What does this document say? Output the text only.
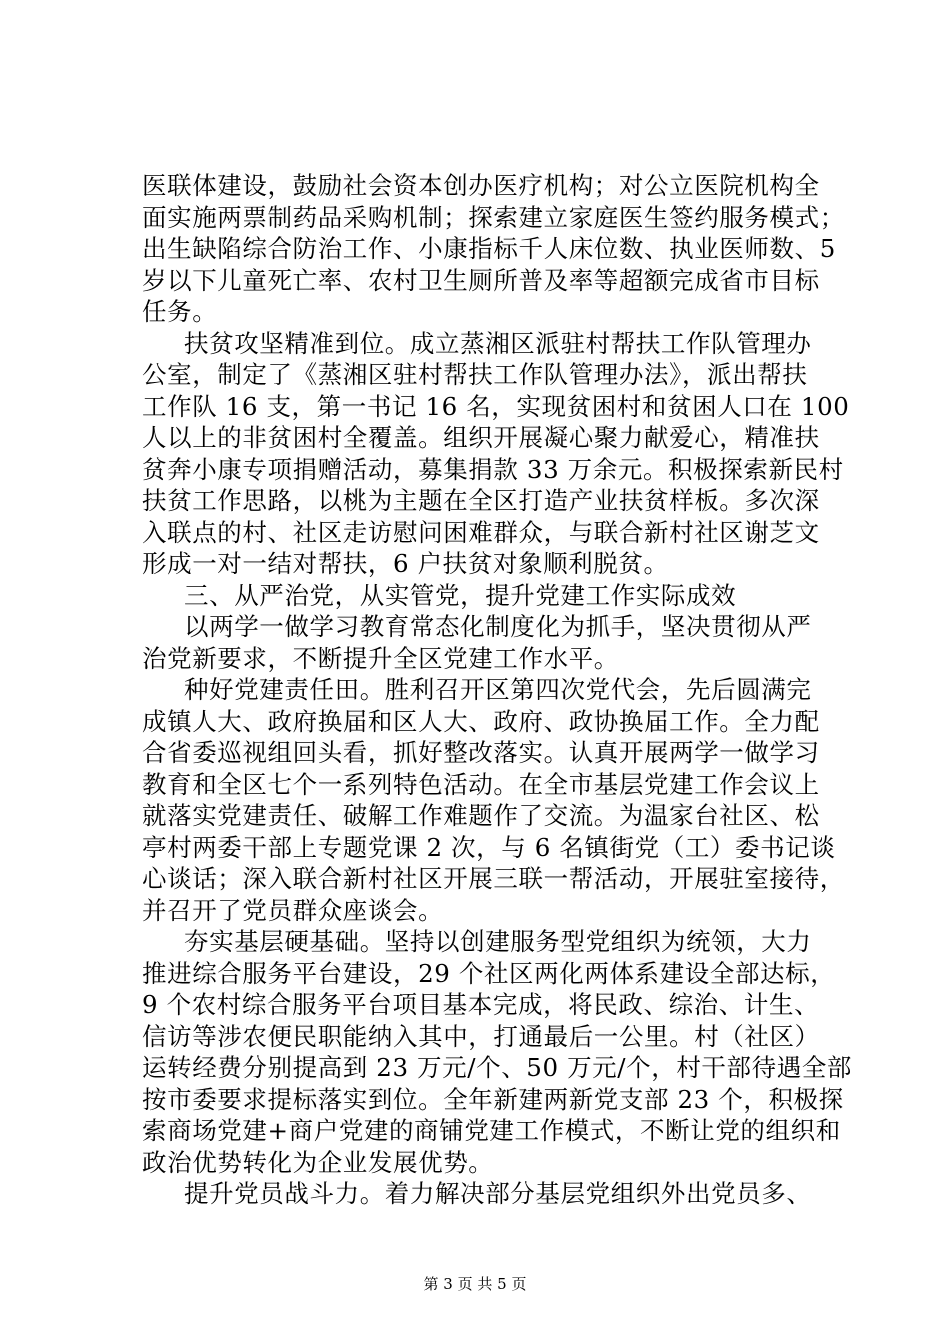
医联体建设，鼓励社会资本创办医疗机构；对公立医院机构全
面实施两票制药品采购机制；探索建立家庭医生签约服务模式；
出生缺陷综合防治工作、小康指标千人床位数、执业医师数、5
岁以下儿童死亡率、农村卫生厕所普及率等超额完成省市目标
任务。
扶贫攻坚精准到位。成立蒸湘区派驻村帮扶工作队管理办
公室，制定了《蒸湘区驻村帮扶工作队管理办法》，派出帮扶
工作队 16 支，第一书记 16 名，实现贫困村和贫困人口在 100
人以上的非贫困村全覆盖。组织开展凝心聚力献爱心，精准扶
贫奔小康专项捐赠活动，募集捐款 33 万余元。积极探索新民村
扶贫工作思路，以桃为主题在全区打造产业扶贫样板。多次深
入联点的村、社区走访慰问困难群众，与联合新村社区谢芝文
形成一对一结对帮扶，6 户扶贫对象顺利脱贫。
三、从严治党，从实管党，提升党建工作实际成效
以两学一做学习教育常态化制度化为抓手，坚决贯彻从严
治党新要求，不断提升全区党建工作水平。
种好党建责任田。胜利召开区第四次党代会，先后圆满完
成镇人大、政府换届和区人大、政府、政协换届工作。全力配
合省委巡视组回头看，抓好整改落实。认真开展两学一做学习
教育和全区七个一系列特色活动。在全市基层党建工作会议上
就落实党建责任、破解工作难题作了交流。为温家台社区、松
亭村两委干部上专题党课 2 次，与 6 名镇街党（工）委书记谈
心谈话；深入联合新村社区开展三联一帮活动，开展驻室接待，
并召开了党员群众座谈会。
夯实基层硬基础。坚持以创建服务型党组织为统领，大力
推进综合服务平台建设，29 个社区两化两体系建设全部达标，
9 个农村综合服务平台项目基本完成，将民政、综治、计生、
信访等涉农便民职能纳入其中，打通最后一公里。村（社区）
运转经费分别提高到 23 万元/个、50 万元/个，村干部待遇全部
按市委要求提标落实到位。全年新建两新党支部 23 个，积极探
索商场党建+商户党建的商铺党建工作模式，不断让党的组织和
政治优势转化为企业发展优势。
提升党员战斗力。着力解决部分基层党组织外出党员多、
第 3 页 共 5 页
